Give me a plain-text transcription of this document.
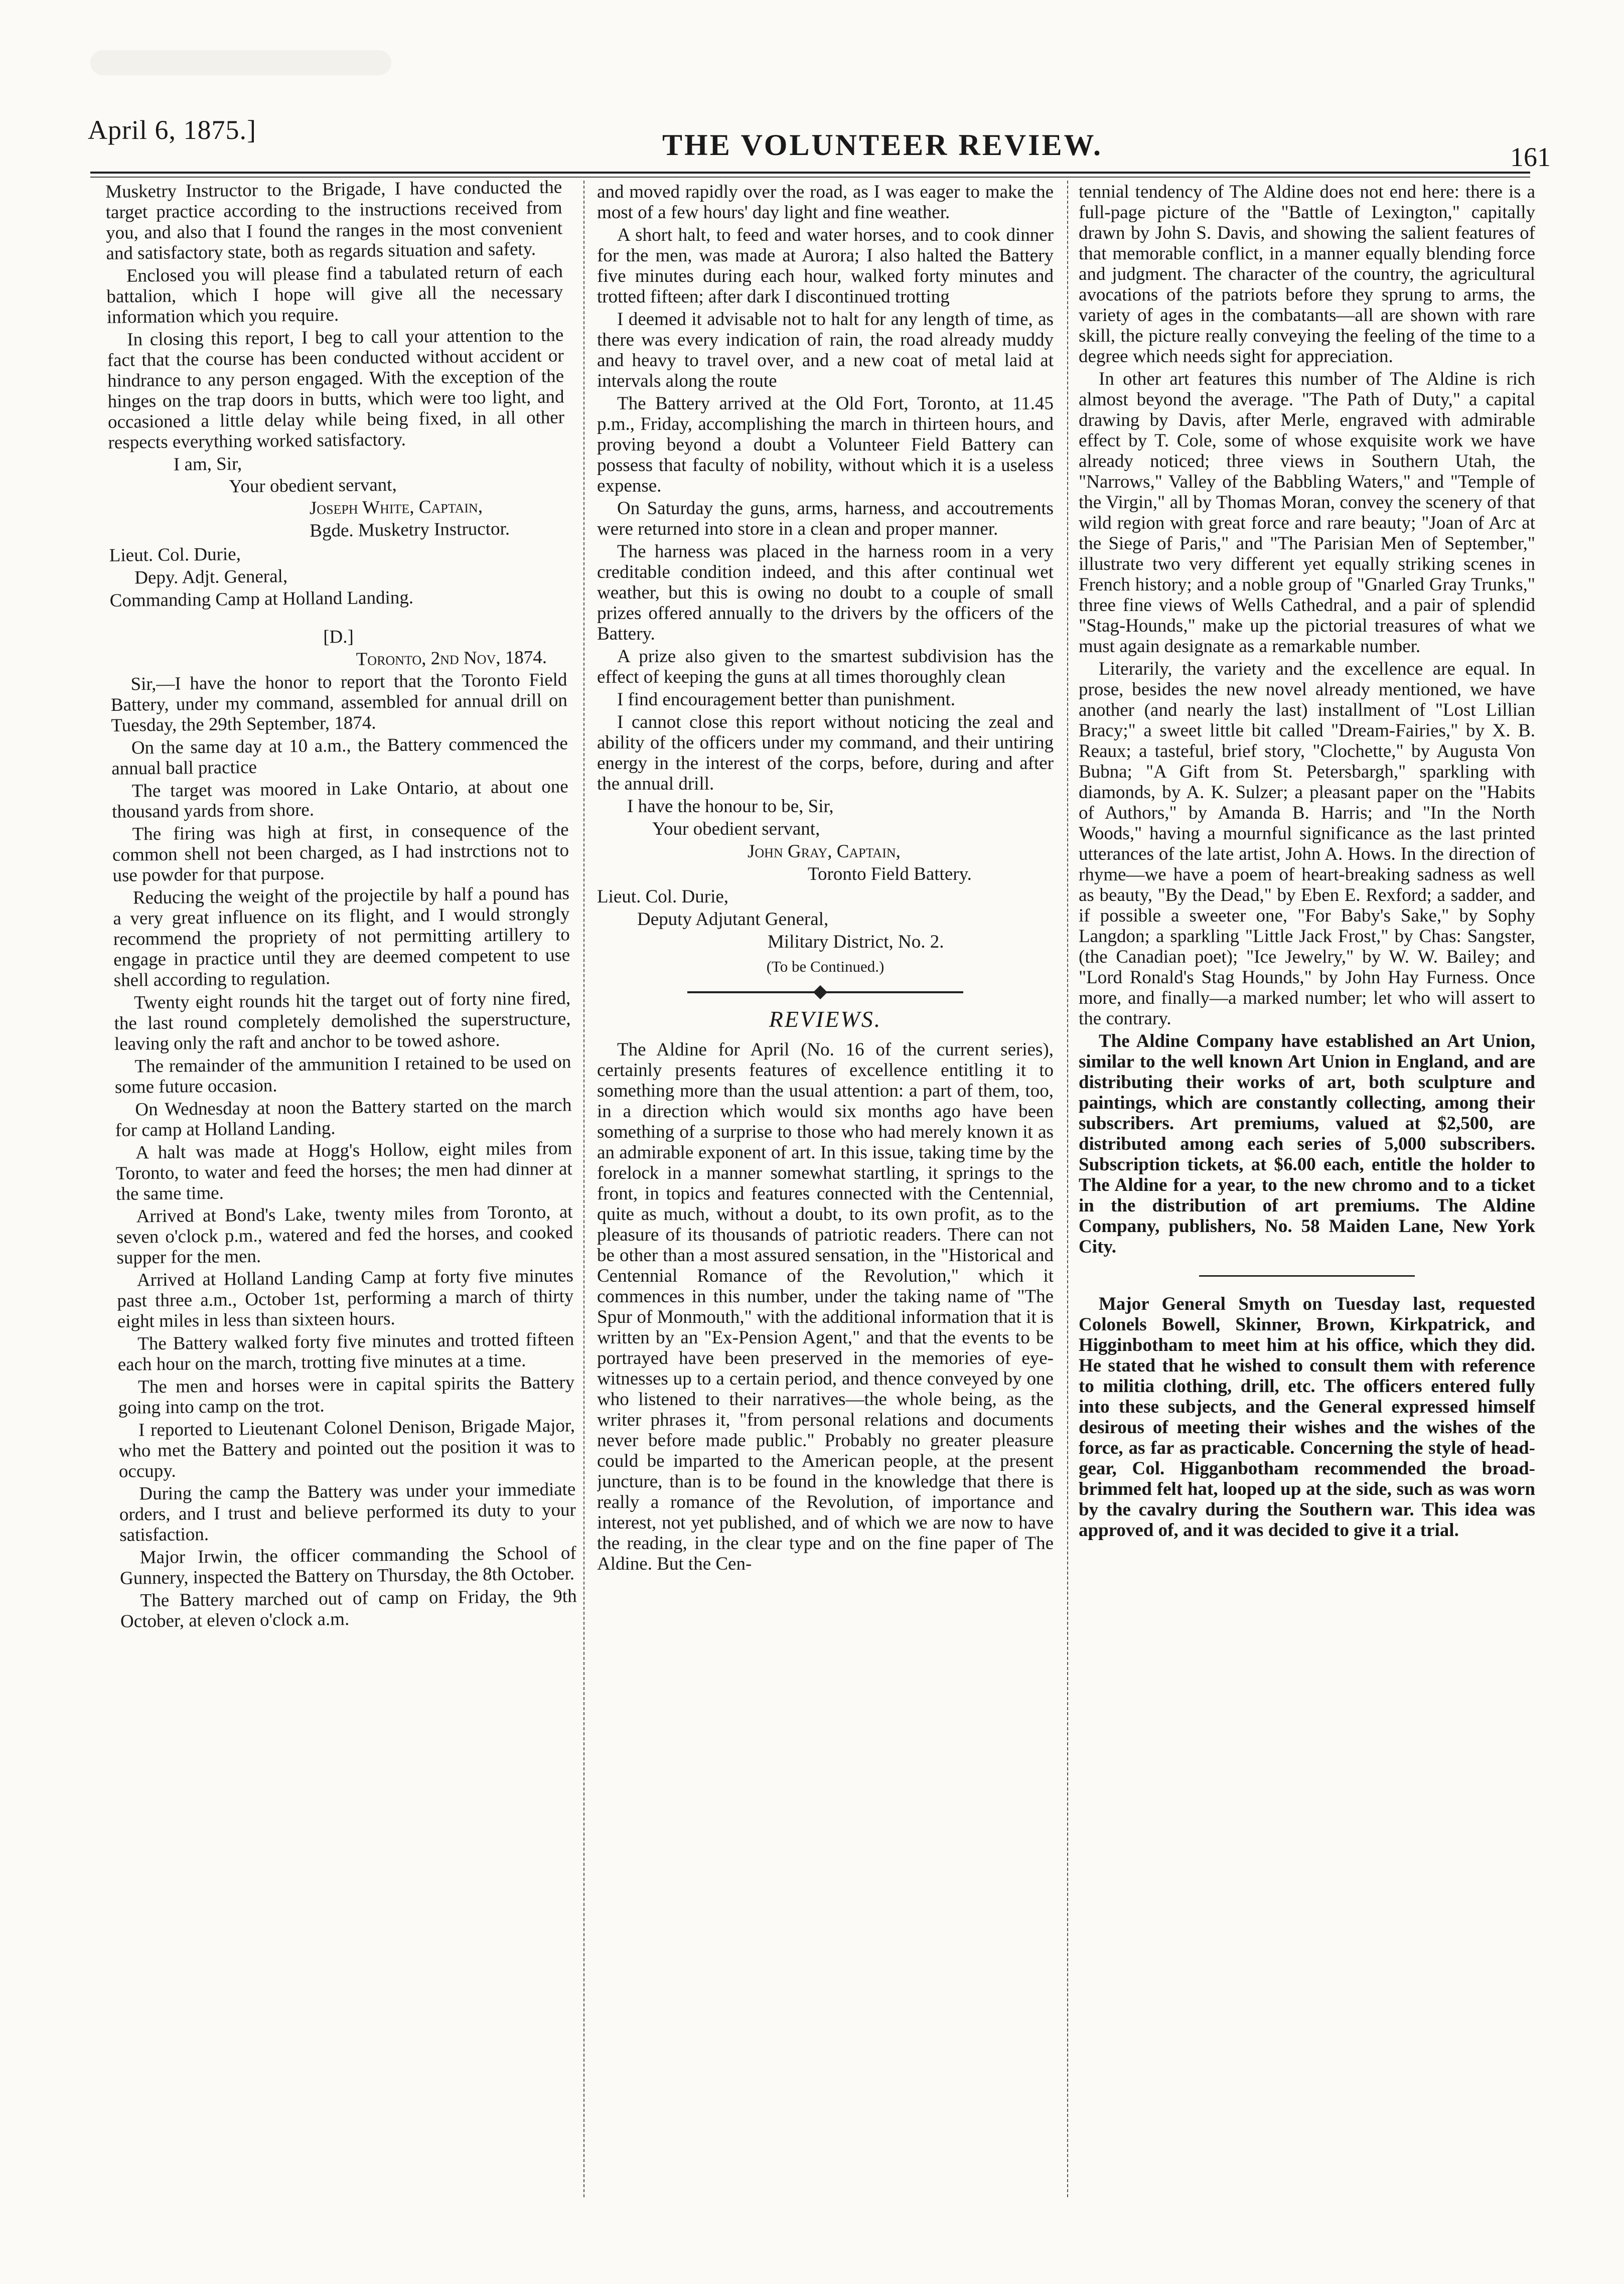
April 6, 1875.]	THE VOLUNTEER REVIEW.	161

Musketry Instructor to the Brigade, I have conducted the target practice according to the instructions received from you, and also that I found the ranges in the most convenient and satisfactory state, both as regards situation and safety.

Enclosed you will please find a tabulated return of each battalion, which I hope will give all the necessary information which you require.

In closing this report, I beg to call your attention to the fact that the course has been conducted without accident or hindrance to any person engaged. With the exception of the hinges on the trap doors in butts, which were too light, and occasioned a little delay while being fixed, in all other respects everything worked satisfactory.

I am, Sir,

Your obedient servant,

Joseph White, Captain,

Bgde. Musketry Instructor.

Lieut. Col. Durie,

Depy. Adjt. General,

Commanding Camp at Holland Landing.

[D.]

Toronto, 2nd Nov, 1874.

Sir,—I have the honor to report that the Toronto Field Battery, under my command, assembled for annual drill on Tuesday, the 29th September, 1874.

On the same day at 10 a.m., the Battery commenced the annual ball practice

The target was moored in Lake Ontario, at about one thousand yards from shore.

The firing was high at first, in consequence of the common shell not been charged, as I had instrctions not to use powder for that purpose.

Reducing the weight of the projectile by half a pound has a very great influence on its flight, and I would strongly recommend the propriety of not permitting artillery to engage in practice until they are deemed competent to use shell according to regulation.

Twenty eight rounds hit the target out of forty nine fired, the last round completely demolished the superstructure, leaving only the raft and anchor to be towed ashore.

The remainder of the ammunition I retained to be used on some future occasion.

On Wednesday at noon the Battery started on the march for camp at Holland Landing.

A halt was made at Hogg's Hollow, eight miles from Toronto, to water and feed the horses; the men had dinner at the same time.

Arrived at Bond's Lake, twenty miles from Toronto, at seven o'clock p.m., watered and fed the horses, and cooked supper for the men.

Arrived at Holland Landing Camp at forty five minutes past three a.m., October 1st, performing a march of thirty eight miles in less than sixteen hours.

The Battery walked forty five minutes and trotted fifteen each hour on the march, trotting five minutes at a time.

The men and horses were in capital spirits the Battery going into camp on the trot.

I reported to Lieutenant Colonel Denison, Brigade Major, who met the Battery and pointed out the position it was to occupy.

During the camp the Battery was under your immediate orders, and I trust and believe performed its duty to your satisfaction.

Major Irwin, the officer commanding the School of Gunnery, inspected the Battery on Thursday, the 8th October.

The Battery marched out of camp on Friday, the 9th October, at eleven o'clock a.m.

and moved rapidly over the road, as I was eager to make the most of a few hours' day light and fine weather.

A short halt, to feed and water horses, and to cook dinner for the men, was made at Aurora; I also halted the Battery five minutes during each hour, walked forty minutes and trotted fifteen; after dark I discontinued trotting

I deemed it advisable not to halt for any length of time, as there was every indication of rain, the road already muddy and heavy to travel over, and a new coat of metal laid at intervals along the route

The Battery arrived at the Old Fort, Toronto, at 11.45 p.m., Friday, accomplishing the march in thirteen hours, and proving beyond a doubt a Volunteer Field Battery can possess that faculty of nobility, without which it is a useless expense.

On Saturday the guns, arms, harness, and accoutrements were returned into store in a clean and proper manner.

The harness was placed in the harness room in a very creditable condition indeed, and this after continual wet weather, but this is owing no doubt to a couple of small prizes offered annually to the drivers by the officers of the Battery.

A prize also given to the smartest subdivision has the effect of keeping the guns at all times thoroughly clean

I find encouragement better than punishment.

I cannot close this report without noticing the zeal and ability of the officers under my command, and their untiring energy in the interest of the corps, before, during and after the annual drill.

I have the honour to be, Sir,

Your obedient servant,

John Gray, Captain,

Toronto Field Battery.

Lieut. Col. Durie,

Deputy Adjutant General,

Military District, No. 2.

(To be Continued.)

REVIEWS.

The Aldine for April (No. 16 of the current series), certainly presents features of excellence entitling it to something more than the usual attention: a part of them, too, in a direction which would six months ago have been something of a surprise to those who had merely known it as an admirable exponent of art. In this issue, taking time by the forelock in a manner somewhat startling, it springs to the front, in topics and features connected with the Centennial, quite as much, without a doubt, to its own profit, as to the pleasure of its thousands of patriotic readers. There can not be other than a most assured sensation, in the "Historical and Centennial Romance of the Revolution," which it commences in this number, under the taking name of "The Spur of Monmouth," with the additional information that it is written by an "Ex-Pension Agent," and that the events to be portrayed have been preserved in the memories of eye-witnesses up to a certain period, and thence conveyed by one who listened to their narratives—the whole being, as the writer phrases it, "from personal relations and documents never before made public." Probably no greater pleasure could be imparted to the American people, at the present juncture, than is to be found in the knowledge that there is really a romance of the Revolution, of importance and interest, not yet published, and of which we are now to have the reading, in the clear type and on the fine paper of The Aldine. But the Cen-

tennial tendency of The Aldine does not end here: there is a full-page picture of the "Battle of Lexington," capitally drawn by John S. Davis, and showing the salient features of that memorable conflict, in a manner equally blending force and judgment. The character of the country, the agricultural avocations of the patriots before they sprung to arms, the variety of ages in the combatants—all are shown with rare skill, the picture really conveying the feeling of the time to a degree which needs sight for appreciation.

In other art features this number of The Aldine is rich almost beyond the average. "The Path of Duty," a capital drawing by Davis, after Merle, engraved with admirable effect by T. Cole, some of whose exquisite work we have already noticed; three views in Southern Utah, the "Narrows," Valley of the Babbling Waters," and "Temple of the Virgin," all by Thomas Moran, convey the scenery of that wild region with great force and rare beauty; "Joan of Arc at the Siege of Paris," and "The Parisian Men of September," illustrate two very different yet equally striking scenes in French history; and a noble group of "Gnarled Gray Trunks," three fine views of Wells Cathedral, and a pair of splendid "Stag-Hounds," make up the pictorial treasures of what we must again designate as a remarkable number.

Literarily, the variety and the excellence are equal. In prose, besides the new novel already mentioned, we have another (and nearly the last) installment of "Lost Lillian Bracy;" a sweet little bit called "Dream-Fairies," by X. B. Reaux; a tasteful, brief story, "Clochette," by Augusta Von Bubna; "A Gift from St. Petersbargh," sparkling with diamonds, by A. K. Sulzer; a pleasant paper on the "Habits of Authors," by Amanda B. Harris; and "In the North Woods," having a mournful significance as the last printed utterances of the late artist, John A. Hows. In the direction of rhyme—we have a poem of heart-breaking sadness as well as beauty, "By the Dead," by Eben E. Rexford; a sadder, and if possible a sweeter one, "For Baby's Sake," by Sophy Langdon; a sparkling "Little Jack Frost," by Chas: Sangster, (the Canadian poet); "Ice Jewelry," by W. W. Bailey; and "Lord Ronald's Stag Hounds," by John Hay Furness. Once more, and finally—a marked number; let who will assert to the contrary.

The Aldine Company have established an Art Union, similar to the well known Art Union in England, and are distributing their works of art, both sculpture and paintings, which are constantly collecting, among their subscribers. Art premiums, valued at $2,500, are distributed among each series of 5,000 subscribers. Subscription tickets, at $6.00 each, entitle the holder to The Aldine for a year, to the new chromo and to a ticket in the distribution of art premiums. The Aldine Company, publishers, No. 58 Maiden Lane, New York City.

Major General Smyth on Tuesday last, requested Colonels Bowell, Skinner, Brown, Kirkpatrick, and Higginbotham to meet him at his office, which they did. He stated that he wished to consult them with reference to militia clothing, drill, etc. The officers entered fully into these subjects, and the General expressed himself desirous of meeting their wishes and the wishes of the force, as far as practicable. Concerning the style of head-gear, Col. Higganbotham recommended the broad-brimmed felt hat, looped up at the side, such as was worn by the cavalry during the Southern war. This idea was approved of, and it was decided to give it a trial.
